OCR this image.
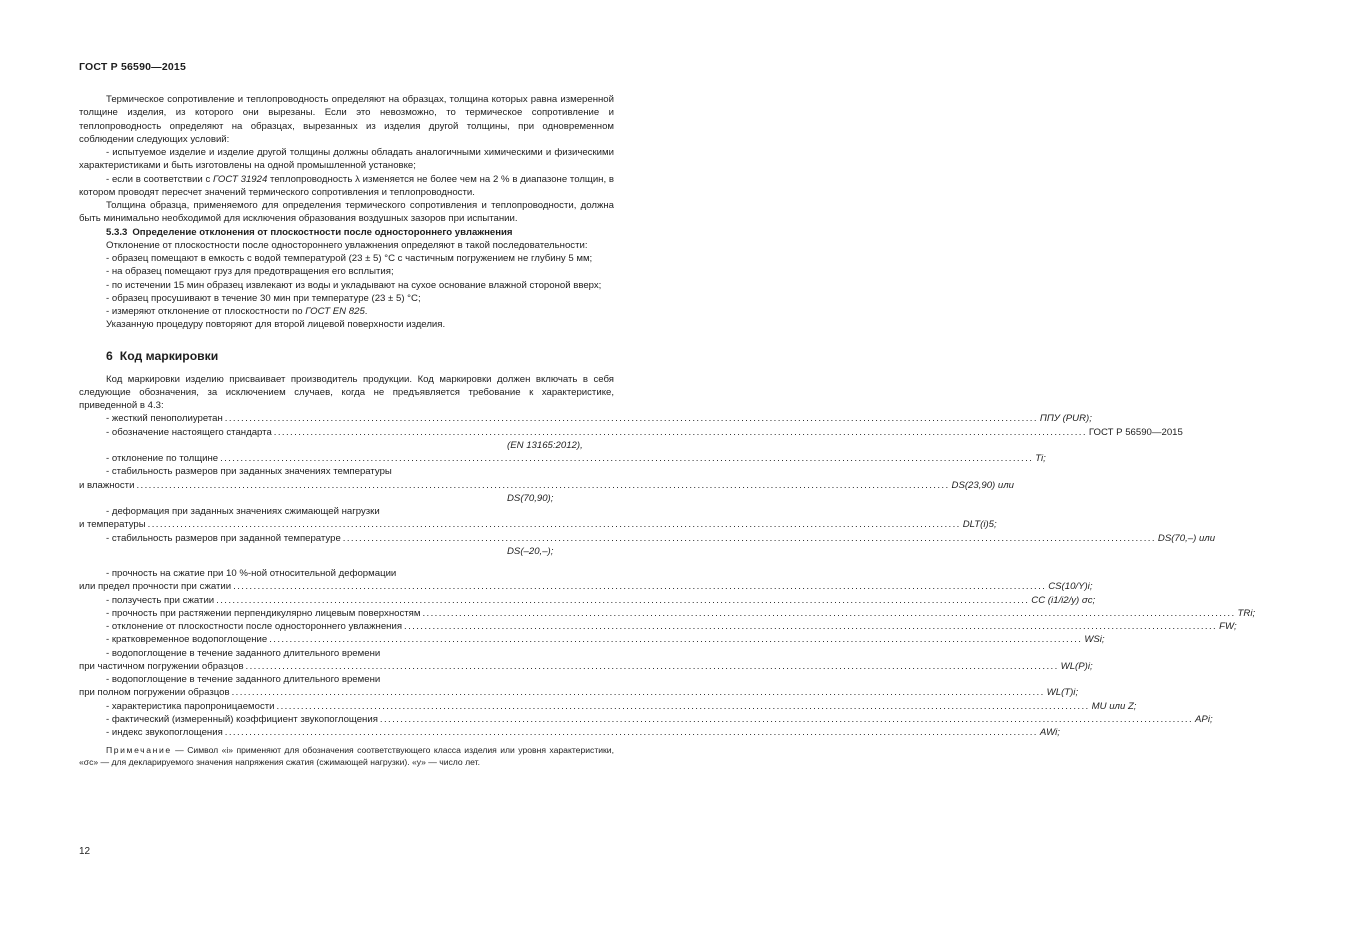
ГОСТ Р 56590—2015

Термическое сопротивление и теплопроводность определяют на образцах, толщина которых равна измеренной толщине изделия, из которого они вырезаны. Если это невозможно, то термическое сопротивление и теплопроводность определяют на образцах, вырезанных из изделия другой толщины, при одновременном соблюдении следующих условий:

- испытуемое изделие и изделие другой толщины должны обладать аналогичными химическими и физическими характеристиками и быть изготовлены на одной промышленной установке;

- если в соответствии с ГОСТ 31924 теплопроводность λ изменяется не более чем на 2 % в диапазоне толщин, в котором проводят пересчет значений термического сопротивления и теплопроводности.

Толщина образца, применяемого для определения термического сопротивления и теплопроводности, должна быть минимально необходимой для исключения образования воздушных зазоров при испытании.

5.3.3 Определение отклонения от плоскостности после одностороннего увлажнения

Отклонение от плоскостности после одностороннего увлажнения определяют в такой последовательности:

- образец помещают в емкость с водой температурой (23 ± 5) °С с частичным погружением не глубину 5 мм;

- на образец помещают груз для предотвращения его всплытия;

- по истечении 15 мин образец извлекают из воды и укладывают на сухое основание влажной стороной вверх;

- образец просушивают в течение 30 мин при температуре (23 ± 5) °С;

- измеряют отклонение от плоскостности по ГОСТ EN 825.

Указанную процедуру повторяют для второй лицевой поверхности изделия.

6 Код маркировки

Код маркировки изделию присваивает производитель продукции. Код маркировки должен включать в себя следующие обозначения, за исключением случаев, когда не предъявляется требование к характеристике, приведенной в 4.3:

- жесткий пенополиуретан ........................................................................................................................................................................................................ ППУ (PUR);
- обозначение настоящего стандарта ........................................................................................................................................................................................................ ГОСТ Р 56590—2015
(EN 13165:2012),
- отклонение по толщине ........................................................................................................................................................................................................ Ti;
- стабильность размеров при заданных значениях температуры
и влажности ........................................................................................................................................................................................................ DS(23,90) или
DS(70,90);
- деформация при заданных значениях сжимающей нагрузки
и температуры ........................................................................................................................................................................................................ DLT(i)5;
- стабильность размеров при заданной температуре ........................................................................................................................................................................................................ DS(70,–) или
DS(–20,–);
- прочность на сжатие при 10 %-ной относительной деформации
или предел прочности при сжатии ........................................................................................................................................................................................................ CS(10/Y)i;
- ползучесть при сжатии ........................................................................................................................................................................................................ CC (i1/i2/y) σc;
- прочность при растяжении перпендикулярно лицевым поверхностям ........................................................................................................................................................................................................ TRi;
- отклонение от плоскостности после одностороннего увлажнения ........................................................................................................................................................................................................ FW;
- кратковременное водопоглощение ........................................................................................................................................................................................................ WSi;
- водопоглощение в течение заданного длительного времени
при частичном погружении образцов ........................................................................................................................................................................................................ WL(P)i;
- водопоглощение в течение заданного длительного времени
при полном погружении образцов ........................................................................................................................................................................................................ WL(T)i;
- характеристика паропроницаемости ........................................................................................................................................................................................................ MU или Z;
- фактический (измеренный) коэффициент звукопоглощения ........................................................................................................................................................................................................ APi;
- индекс звукопоглощения ........................................................................................................................................................................................................ AWi;

Примечание — Символ «i» применяют для обозначения соответствующего класса изделия или уровня характеристики, «σc» — для декларируемого значения напряжения сжатия (сжимающей нагрузки). «y» — число лет.

12
